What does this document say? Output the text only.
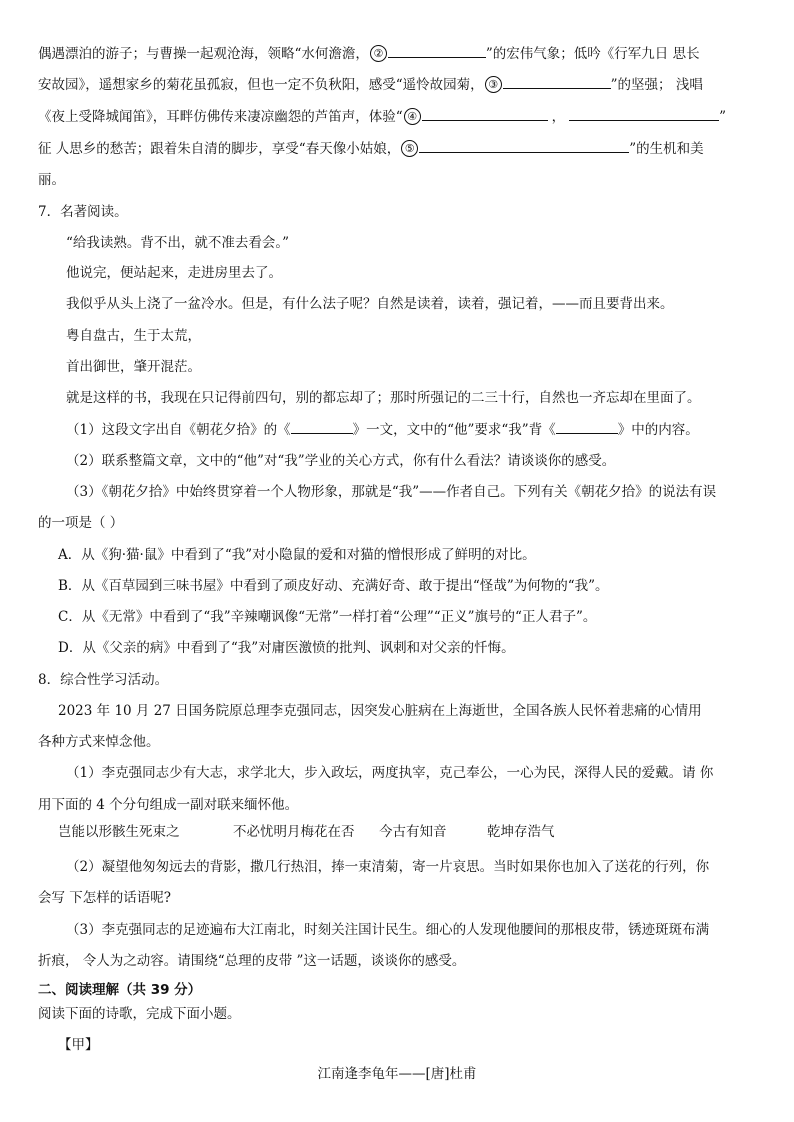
偶遇漂泊的游子；与曹操一起观沧海，领略“水何澹澹， ②	”的宏伟气象；低吟《行军九日 思长
安故园》，遥想家乡的菊花虽孤寂，但也一定不负秋阳，感受“遥怜故园菊， ③	”的坚强； 浅唱
《夜上受降城闻笛》，耳畔仿佛传来凄凉幽怨的芦笛声，体验“ ④	，	”
征 人思乡的愁苦；跟着朱自清的脚步，享受“春天像小姑娘， ⑤	”的生机和美
丽。
7．名著阅读。
“给我读熟。背不出，就不准去看会。”
他说完，便站起来，走进房里去了。
我似乎从头上浇了一盆冷水。但是，有什么法子呢？自然是读着，读着，强记着，——而且要背出来。
粤自盘古，生于太荒，
首出御世，肇开混茫。
就是这样的书，我现在只记得前四句，别的都忘却了；那时所强记的二三十行，自然也一齐忘却在里面了。
（1）这段文字出自《朝花夕拾》的《	》一文，文中的“他”要求“我”背《	》中的内容。
（2）联系整篇文章，文中的“他”对“我”学业的关心方式，你有什么看法？请谈谈你的感受。
（3）《朝花夕拾》中始终贯穿着一个人物形象，那就是“我”——作者自己。下列有关《朝花夕拾》的说法有误
的一项是（ ）
A．从《狗·猫·鼠》中看到了“我”对小隐鼠的爱和对猫的憎恨形成了鲜明的对比。
B．从《百草园到三味书屋》中看到了顽皮好动、充满好奇、敢于提出“怪哉”为何物的“我”。
C．从《无常》中看到了“我”辛辣嘲讽像“无常”一样打着“公理”“正义”旗号的“正人君子”。
D．从《父亲的病》中看到了“我”对庸医激愤的批判、讽刺和对父亲的忏悔。
8．综合性学习活动。
2023 年 10 月 27 日国务院原总理李克强同志，因突发心脏病在上海逝世，全国各族人民怀着悲痛的心情用
各种方式来悼念他。
（1）李克强同志少有大志，求学北大，步入政坛，两度执宰，克己奉公，一心为民，深得人民的爱戴。请 你
用下面的 4 个分句组成一副对联来缅怀他。
岂能以形骸生死束之	不必忧明月梅花在否	今古有知音	乾坤存浩气
（2）凝望他匆匆远去的背影，撒几行热泪，捧一束清菊，寄一片哀思。当时如果你也加入了送花的行列，你
会写 下怎样的话语呢?
（3）李克强同志的足迹遍布大江南北，时刻关注国计民生。细心的人发现他腰间的那根皮带，锈迹斑斑布满
折痕， 令人为之动容。请围绕“总理的皮带 ”这一话题，谈谈你的感受。
二、阅读理解（共 39 分）
阅读下面的诗歌，完成下面小题。
【甲】
江南逢李龟年——[唐]杜甫
